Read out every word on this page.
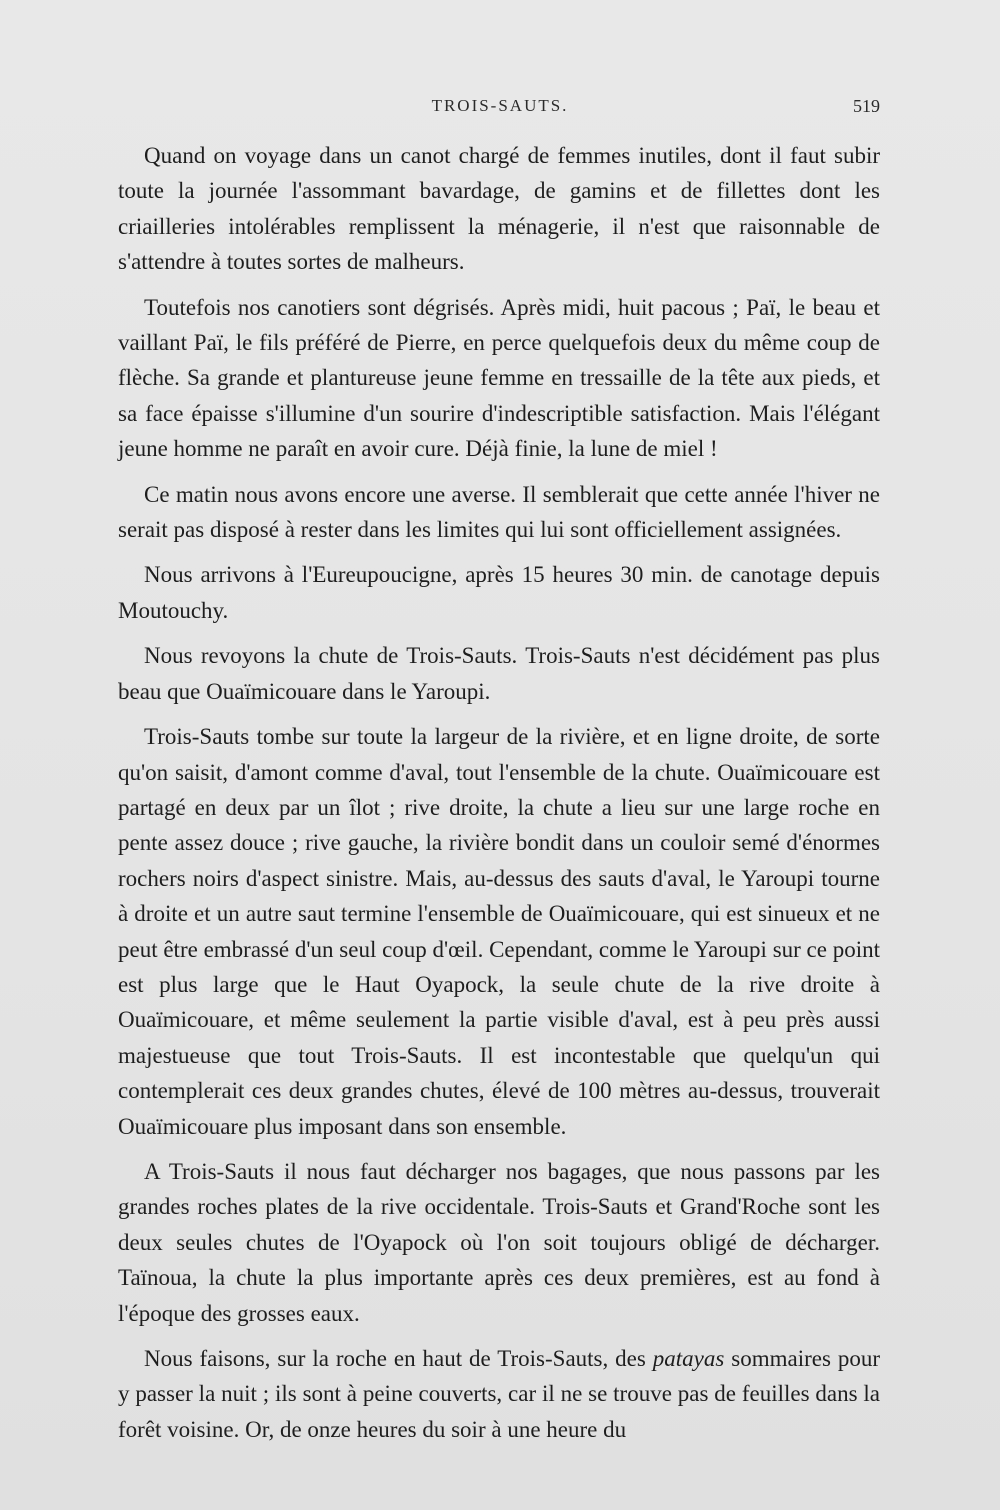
TROIS-SAUTS.	519

Quand on voyage dans un canot chargé de femmes inutiles, dont il faut subir toute la journée l'assommant bavardage, de gamins et de fillettes dont les criailleries intolérables remplissent la ménagerie, il n'est que raisonnable de s'attendre à toutes sortes de malheurs.

Toutefois nos canotiers sont dégrisés. Après midi, huit pacous ; Paï, le beau et vaillant Paï, le fils préféré de Pierre, en perce quelquefois deux du même coup de flèche. Sa grande et plantureuse jeune femme en tressaille de la tête aux pieds, et sa face épaisse s'illumine d'un sourire d'indescriptible satisfaction. Mais l'élégant jeune homme ne paraît en avoir cure. Déjà finie, la lune de miel !

Ce matin nous avons encore une averse. Il semblerait que cette année l'hiver ne serait pas disposé à rester dans les limites qui lui sont officiellement assignées.

Nous arrivons à l'Eureupoucigne, après 15 heures 30 min. de canotage depuis Moutouchy.

Nous revoyons la chute de Trois-Sauts. Trois-Sauts n'est décidément pas plus beau que Ouaïmicouare dans le Yaroupi.

Trois-Sauts tombe sur toute la largeur de la rivière, et en ligne droite, de sorte qu'on saisit, d'amont comme d'aval, tout l'ensemble de la chute. Ouaïmicouare est partagé en deux par un îlot ; rive droite, la chute a lieu sur une large roche en pente assez douce ; rive gauche, la rivière bondit dans un couloir semé d'énormes rochers noirs d'aspect sinistre. Mais, au-dessus des sauts d'aval, le Yaroupi tourne à droite et un autre saut termine l'ensemble de Ouaïmicouare, qui est sinueux et ne peut être embrassé d'un seul coup d'œil. Cependant, comme le Yaroupi sur ce point est plus large que le Haut Oyapock, la seule chute de la rive droite à Ouaïmicouare, et même seulement la partie visible d'aval, est à peu près aussi majestueuse que tout Trois-Sauts. Il est incontestable que quelqu'un qui contemplerait ces deux grandes chutes, élevé de 100 mètres au-dessus, trouverait Ouaïmicouare plus imposant dans son ensemble.

A Trois-Sauts il nous faut décharger nos bagages, que nous passons par les grandes roches plates de la rive occidentale. Trois-Sauts et Grand'Roche sont les deux seules chutes de l'Oyapock où l'on soit toujours obligé de décharger. Taïnoua, la chute la plus importante après ces deux premières, est au fond à l'époque des grosses eaux.

Nous faisons, sur la roche en haut de Trois-Sauts, des patayas sommaires pour y passer la nuit ; ils sont à peine couverts, car il ne se trouve pas de feuilles dans la forêt voisine. Or, de onze heures du soir à une heure du
